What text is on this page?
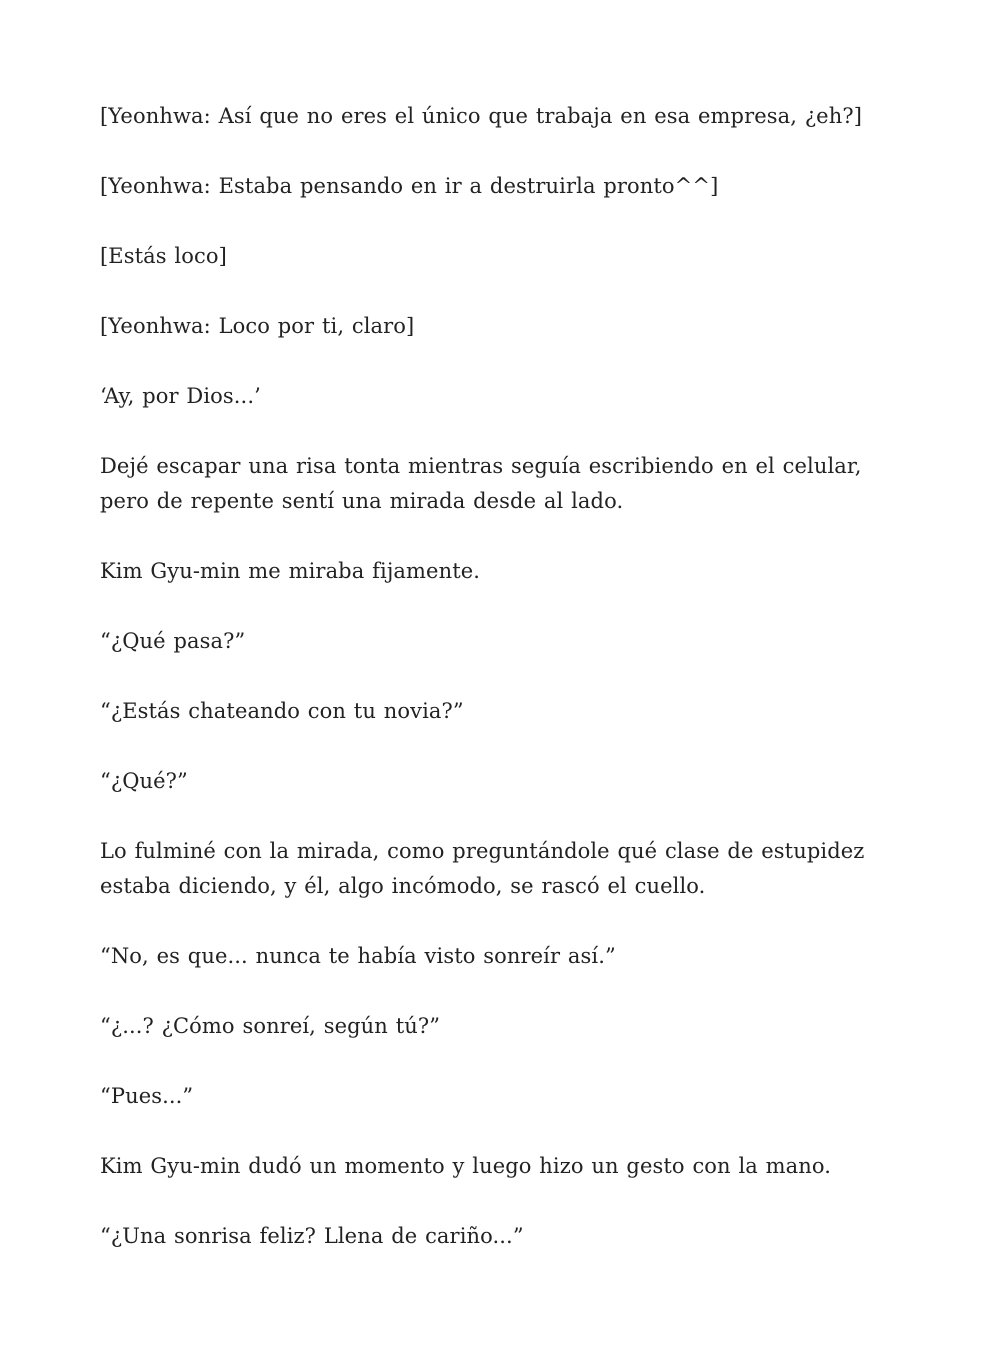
[Yeonhwa: Así que no eres el único que trabaja en esa empresa, ¿eh?]

[Yeonhwa: Estaba pensando en ir a destruirla pronto^^]

[Estás loco]

[Yeonhwa: Loco por ti, claro]

‘Ay, por Dios...’

Dejé escapar una risa tonta mientras seguía escribiendo en el celular, pero de repente sentí una mirada desde al lado.

Kim Gyu-min me miraba fijamente.

“¿Qué pasa?”

“¿Estás chateando con tu novia?”

“¿Qué?”

Lo fulminé con la mirada, como preguntándole qué clase de estupidez estaba diciendo, y él, algo incómodo, se rascó el cuello.

“No, es que... nunca te había visto sonreír así.”

“¿...? ¿Cómo sonreí, según tú?”

“Pues...”

Kim Gyu-min dudó un momento y luego hizo un gesto con la mano.

“¿Una sonrisa feliz? Llena de cariño...”
